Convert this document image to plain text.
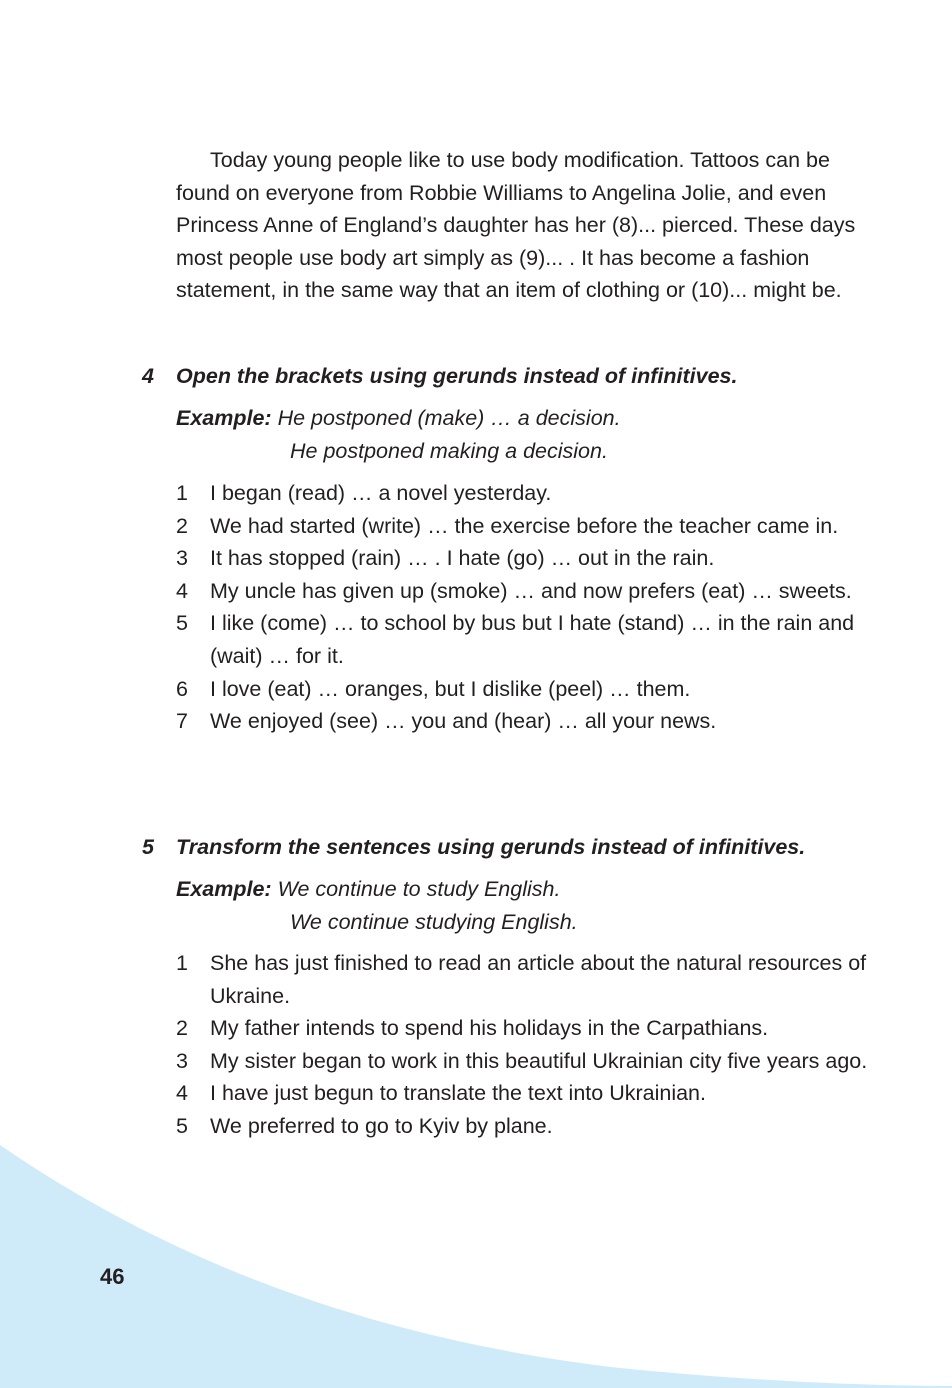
Today young people like to use body modification. Tattoos can be found on everyone from Robbie Williams to Angelina Jolie, and even Princess Anne of England’s daughter has her (8)... pierced. These days most people use body art simply as (9)... . It has become a fashion statement, in the same way that an item of clothing or (10)... might be.

4 Open the brackets using gerunds instead of infinitives.

Example: He postponed (make) … a decision.
He postponed making a decision.
1	I began (read) … a novel yesterday.
2	We had started (write) … the exercise before the teacher came in.
3	It has stopped (rain) … . I hate (go) … out in the rain.
4	My uncle has given up (smoke) … and now prefers (eat) … sweets.
5	I like (come) … to school by bus but I hate (stand) … in the rain and (wait) … for it.
6	I love (eat) … oranges, but I dislike (peel) … them.
7	We enjoyed (see) … you and (hear) … all your news.

5 Transform the sentences using gerunds instead of infinitives.

Example: We continue to study English.
We continue studying English.
1	She has just finished to read an article about the natural resources of Ukraine.
2	My father intends to spend his holidays in the Carpathians.
3	My sister began to work in this beautiful Ukrainian city five years ago.
4	I have just begun to translate the text into Ukrainian.
5	We preferred to go to Kyiv by plane.
46
